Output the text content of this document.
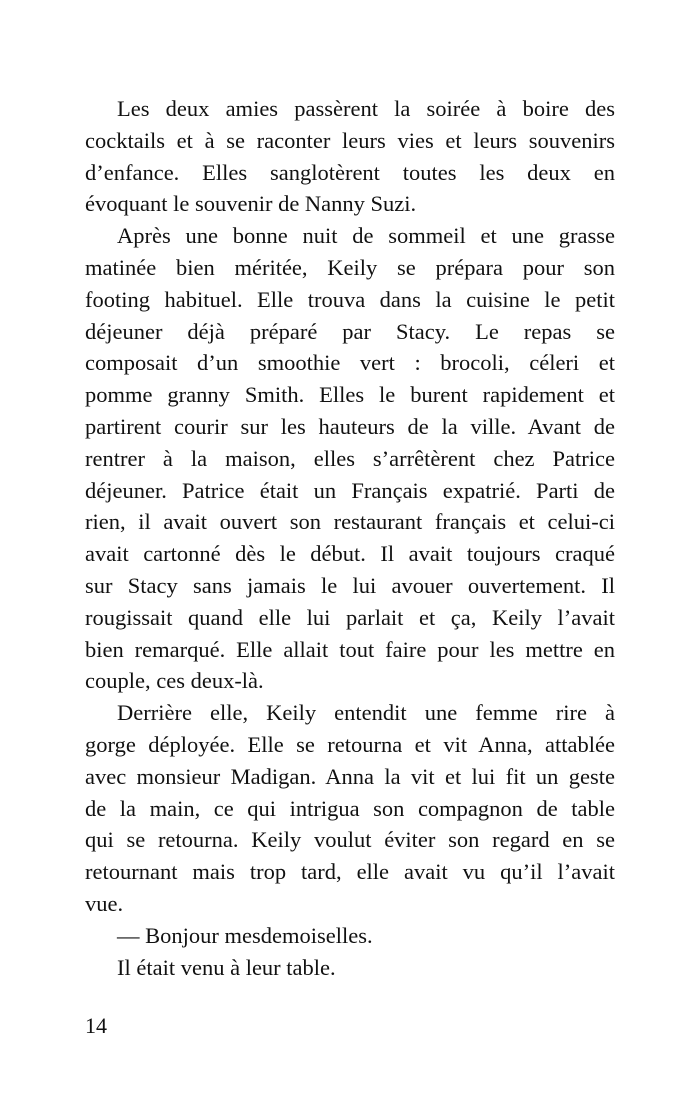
Les deux amies passèrent la soirée à boire des
cocktails et à se raconter leurs vies et leurs souvenirs
d’enfance. Elles sanglotèrent toutes les deux en
évoquant le souvenir de Nanny Suzi.
Après une bonne nuit de sommeil et une grasse
matinée bien méritée, Keily se prépara pour son
footing habituel. Elle trouva dans la cuisine le petit
déjeuner déjà préparé par Stacy. Le repas se
composait d’un smoothie vert : brocoli, céleri et
pomme granny Smith. Elles le burent rapidement et
partirent courir sur les hauteurs de la ville. Avant de
rentrer à la maison, elles s’arrêtèrent chez Patrice
déjeuner. Patrice était un Français expatrié. Parti de
rien, il avait ouvert son restaurant français et celui-ci
avait cartonné dès le début. Il avait toujours craqué
sur Stacy sans jamais le lui avouer ouvertement. Il
rougissait quand elle lui parlait et ça, Keily l’avait
bien remarqué. Elle allait tout faire pour les mettre en
couple, ces deux-là.
Derrière elle, Keily entendit une femme rire à
gorge déployée. Elle se retourna et vit Anna, attablée
avec monsieur Madigan. Anna la vit et lui fit un geste
de la main, ce qui intrigua son compagnon de table
qui se retourna. Keily voulut éviter son regard en se
retournant mais trop tard, elle avait vu qu’il l’avait
vue.
— Bonjour mesdemoiselles.
Il était venu à leur table.
14
